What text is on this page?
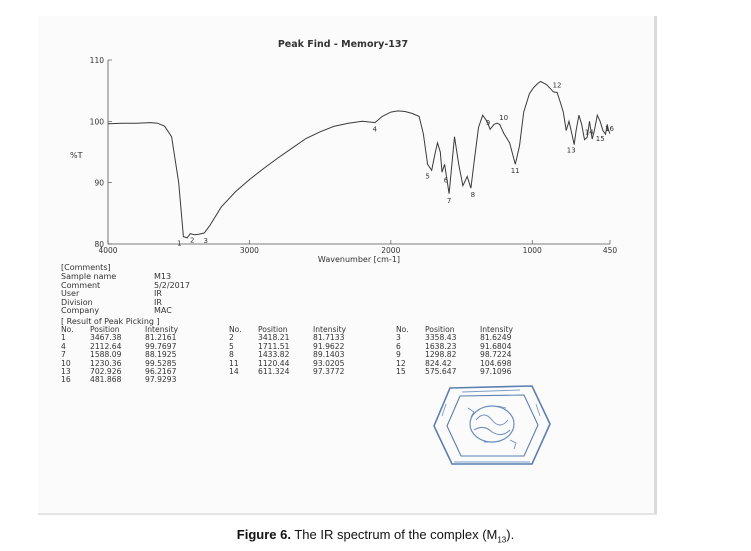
Peak Find - Memory-137
%T
Wavenumber [cm-1]
80
90
100
110
4000	3000	2000	1000	450
1 2 3
4
5 6
7
8
9
10
11
12
13
14
15
16
[Comments]
Sample name	M13
Comment	5/2/2017
User	IR
Division	IR
Company	MAC
[ Result of Peak Picking ]
No.	Position	Intensity
1	3467.38	81.2161
4	2112.64	99.7697
7	1588.09	88.1925
10	1230.36	99.5285
13	702.926	96.2167
16	481.868	97.9293
No.	Position	Intensity
2	3418.21	81.7133
5	1711.51	91.9622
8	1433.82	89.1403
11	1120.44	93.0205
14	611.324	97.3772
No.	Position	Intensity
3	3358.43	81.6249
6	1638.23	91.6804
9	1298.82	98.7224
12	824.42	104.698
15	575.647	97.1096
Figure 6. The IR spectrum of the complex $(M_{13})$.
